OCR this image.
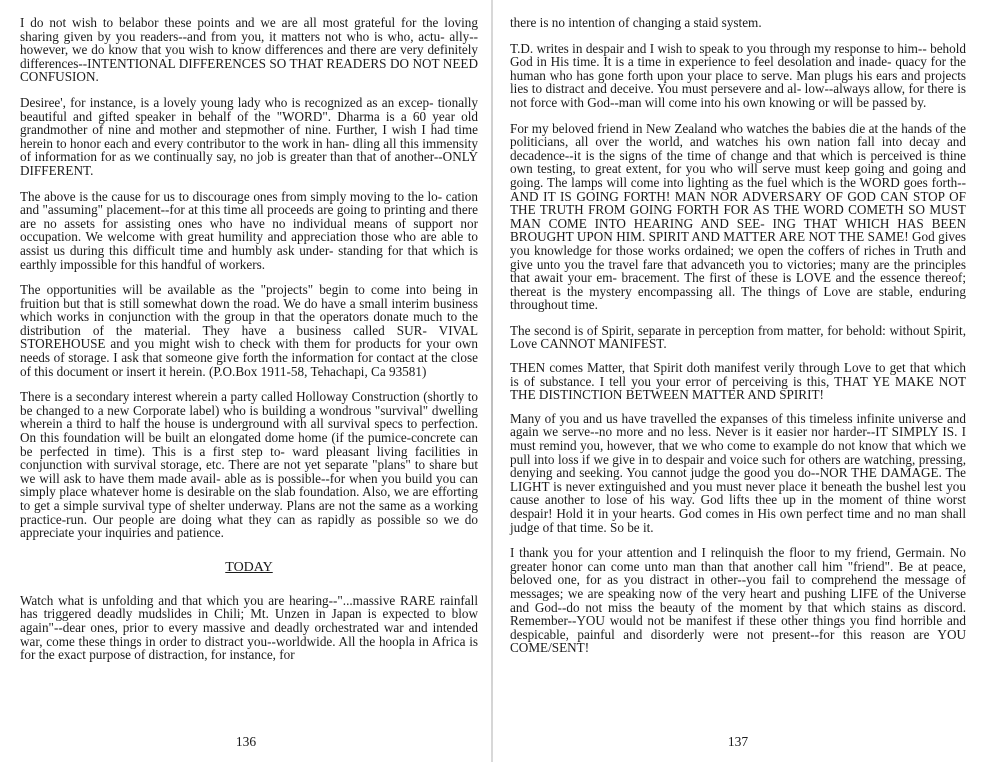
I do not wish to belabor these points and we are all most grateful for the loving sharing given by you readers--and from you, it matters not who is who, actu- ally--however, we do know that you wish to know differences and there are very definitely differences--INTENTIONAL DIFFERENCES SO THAT READERS DO NOT NEED CONFUSION.

Desiree', for instance, is a lovely young lady who is recognized as an excep- tionally beautiful and gifted speaker in behalf of the "WORD". Dharma is a 60 year old grandmother of nine and mother and stepmother of nine. Further, I wish I had time herein to honor each and every contributor to the work in han- dling all this immensity of information for as we continually say, no job is greater than that of another--ONLY DIFFERENT.

The above is the cause for us to discourage ones from simply moving to the lo- cation and "assuming" placement--for at this time all proceeds are going to printing and there are no assets for assisting ones who have no individual means of support nor occupation. We welcome with great humility and appreciation those who are able to assist us during this difficult time and humbly ask under- standing for that which is earthly impossible for this handful of workers.

The opportunities will be available as the "projects" begin to come into being in fruition but that is still somewhat down the road. We do have a small interim business which works in conjunction with the group in that the operators donate much to the distribution of the material. They have a business called SUR- VIVAL STOREHOUSE and you might wish to check with them for products for your own needs of storage. I ask that someone give forth the information for contact at the close of this document or insert it herein. (P.O.Box 1911-58, Tehachapi, Ca 93581)

There is a secondary interest wherein a party called Holloway Construction (shortly to be changed to a new Corporate label) who is building a wondrous "survival" dwelling wherein a third to half the house is underground with all survival specs to perfection. On this foundation will be built an elongated dome home (if the pumice-concrete can be perfected in time). This is a first step to- ward pleasant living facilities in conjunction with survival storage, etc. There are not yet separate "plans" to share but we will ask to have them made avail- able as is possible--for when you build you can simply place whatever home is desirable on the slab foundation. Also, we are efforting to get a simple survival type of shelter underway. Plans are not the same as a working practice-run. Our people are doing what they can as rapidly as possible so we do appreciate your inquiries and patience.

TODAY

Watch what is unfolding and that which you are hearing--"...massive RARE rainfall has triggered deadly mudslides in Chili; Mt. Unzen in Japan is expected to blow again"--dear ones, prior to every massive and deadly orchestrated war and intended war, come these things in order to distract you--worldwide. All the hoopla in Africa is for the exact purpose of distraction, for instance, for

136

there is no intention of changing a staid system.

T.D. writes in despair and I wish to speak to you through my response to him-- behold God in His time. It is a time in experience to feel desolation and inade- quacy for the human who has gone forth upon your place to serve. Man plugs his ears and projects lies to distract and deceive. You must persevere and al- low--always allow, for there is not force with God--man will come into his own knowing or will be passed by.

For my beloved friend in New Zealand who watches the babies die at the hands of the politicians, all over the world, and watches his own nation fall into decay and decadence--it is the signs of the time of change and that which is perceived is thine own testing, to great extent, for you who will serve must keep going and going and going. The lamps will come into lighting as the fuel which is the WORD goes forth--AND IT IS GOING FORTH! MAN NOR ADVERSARY OF GOD CAN STOP OF THE TRUTH FROM GOING FORTH FOR AS THE WORD COMETH SO MUST MAN COME INTO HEARING AND SEE- ING THAT WHICH HAS BEEN BROUGHT UPON HIM. SPIRIT AND MATTER ARE NOT THE SAME! God gives you knowledge for those works ordained; we open the coffers of riches in Truth and give unto you the travel fare that advanceth you to victories; many are the principles that await your em- bracement. The first of these is LOVE and the essence thereof; thereat is the mystery encompassing all. The things of Love are stable, enduring throughout time.

The second is of Spirit, separate in perception from matter, for behold: without Spirit, Love CANNOT MANIFEST.

THEN comes Matter, that Spirit doth manifest verily through Love to get that which is of substance. I tell you your error of perceiving is this, THAT YE MAKE NOT THE DISTINCTION BETWEEN MATTER AND SPIRIT!

Many of you and us have travelled the expanses of this timeless infinite universe and again we serve--no more and no less. Never is it easier nor harder--IT SIMPLY IS. I must remind you, however, that we who come to example do not know that which we pull into loss if we give in to despair and voice such for others are watching, pressing, denying and seeking. You cannot judge the good you do--NOR THE DAMAGE. The LIGHT is never extinguished and you must never place it beneath the bushel lest you cause another to lose of his way. God lifts thee up in the moment of thine worst despair! Hold it in your hearts. God comes in His own perfect time and no man shall judge of that time. So be it.

I thank you for your attention and I relinquish the floor to my friend, Germain. No greater honor can come unto man than that another call him "friend". Be at peace, beloved one, for as you distract in other--you fail to comprehend the message of messages; we are speaking now of the very heart and pushing LIFE of the Universe and God--do not miss the beauty of the moment by that which stains as discord. Remember--YOU would not be manifest if these other things you find horrible and despicable, painful and disorderly were not present--for this reason are YOU COME/SENT!

137
